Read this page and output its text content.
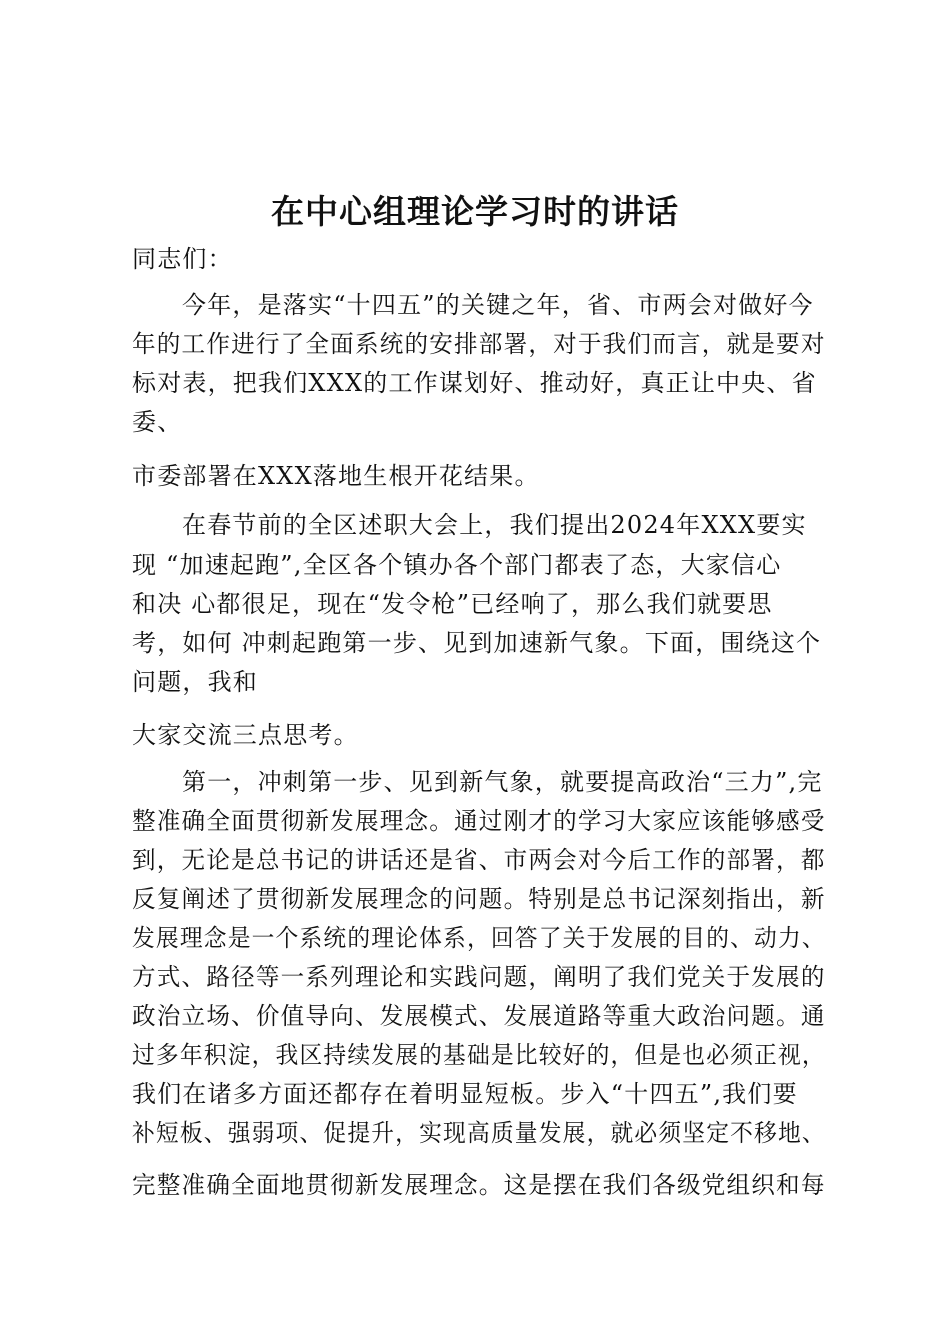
在中心组理论学习时的讲话
同志们：
今年，是落实“十四五”的关键之年，省、市两会对做好今
年的工作进行了全面系统的安排部署，对于我们而言，就是要对
标对表，把我们XXX的工作谋划好、推动好，真正让中央、省
委、
市委部署在XXX落地生根开花结果。
在春节前的全区述职大会上，我们提出2024年XXX要实
现 “加速起跑”,全区各个镇办各个部门都表了态，大家信心
和决 心都很足，现在“发令枪”已经响了，那么我们就要思
考，如何 冲刺起跑第一步、见到加速新气象。下面，围绕这个
问题，我和
大家交流三点思考。
第一，冲刺第一步、见到新气象，就要提高政治“三力”,完
整准确全面贯彻新发展理念。通过刚才的学习大家应该能够感受
到，无论是总书记的讲话还是省、市两会对今后工作的部署，都
反复阐述了贯彻新发展理念的问题。特别是总书记深刻指出，新
发展理念是一个系统的理论体系，回答了关于发展的目的、动力、
方式、路径等一系列理论和实践问题，阐明了我们党关于发展的
政治立场、价值导向、发展模式、发展道路等重大政治问题。通
过多年积淀，我区持续发展的基础是比较好的，但是也必须正视，
我们在诸多方面还都存在着明显短板。步入“十四五”,我们要
补短板、强弱项、促提升，实现高质量发展，就必须坚定不移地、
完整准确全面地贯彻新发展理念。这是摆在我们各级党组织和每
